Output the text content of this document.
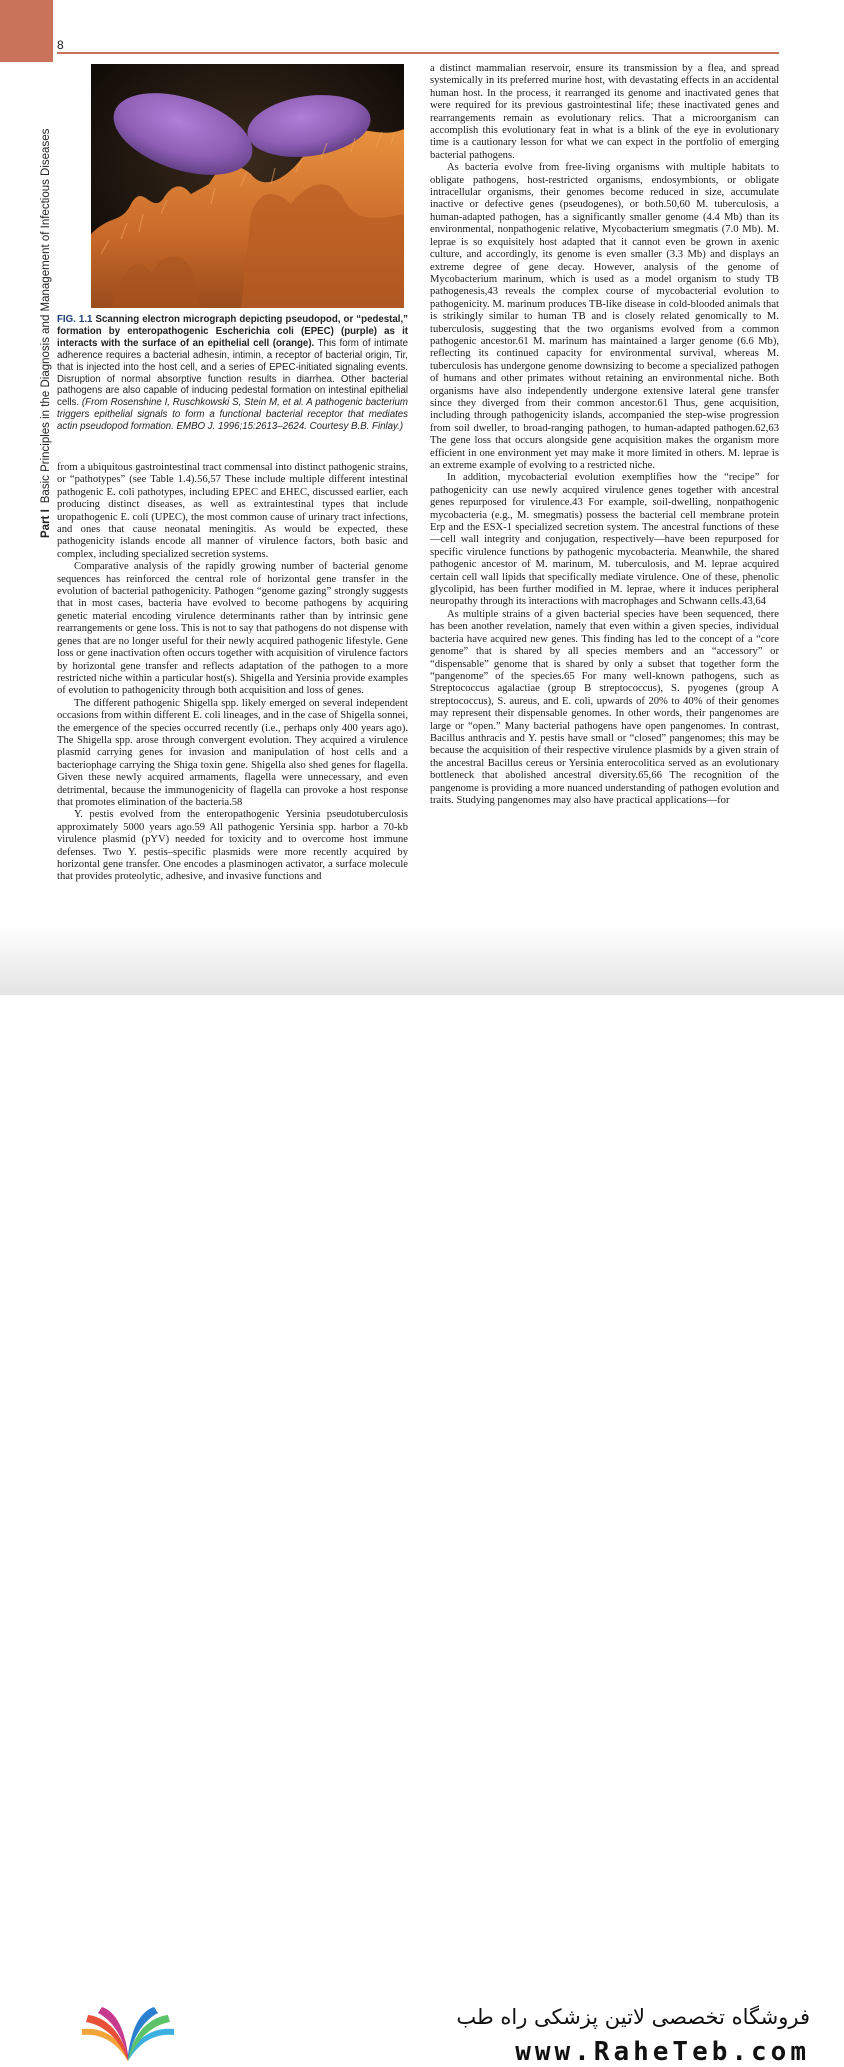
Part IBasic Principles in the Diagnosis and Management of Infectious Diseases
8
FIG. 1.1 Scanning electron micrograph depicting pseudopod, or “pedestal,” formation by enteropathogenic Escherichia coli (EPEC) (purple) as it interacts with the surface of an epithelial cell (orange). This form of intimate adherence requires a bacterial adhesin, intimin, a receptor of bacterial origin, Tir, that is injected into the host cell, and a series of EPEC-initiated signaling events. Disruption of normal absorptive function results in diarrhea. Other bacterial pathogens are also capable of inducing pedestal formation on intestinal epithelial cells. (From Rosenshine I, Ruschkowski S, Stein M, et al. A pathogenic bacterium triggers epithelial signals to form a functional bacterial receptor that mediates actin pseudopod formation. EMBO J. 1996;15:2613–2624. Courtesy B.B. Finlay.)

from a ubiquitous gastrointestinal tract commensal into distinct pathogenic strains, or “pathotypes” (see Table 1.4).56,57 These include multiple different intestinal pathogenic E. coli pathotypes, including EPEC and EHEC, discussed earlier, each producing distinct diseases, as well as extraintestinal types that include uropathogenic E. coli (UPEC), the most common cause of urinary tract infections, and ones that cause neonatal meningitis. As would be expected, these pathogenicity islands encode all manner of virulence factors, both basic and complex, including specialized secretion systems.

Comparative analysis of the rapidly growing number of bacterial genome sequences has reinforced the central role of horizontal gene transfer in the evolution of bacterial pathogenicity. Pathogen “genome gazing” strongly suggests that in most cases, bacteria have evolved to become pathogens by acquiring genetic material encoding virulence determinants rather than by intrinsic gene rearrangements or gene loss. This is not to say that pathogens do not dispense with genes that are no longer useful for their newly acquired pathogenic lifestyle. Gene loss or gene inactivation often occurs together with acquisition of virulence factors by horizontal gene transfer and reflects adaptation of the pathogen to a more restricted niche within a particular host(s). Shigella and Yersinia provide examples of evolution to pathogenicity through both acquisition and loss of genes.

The different pathogenic Shigella spp. likely emerged on several independent occasions from within different E. coli lineages, and in the case of Shigella sonnei, the emergence of the species occurred recently (i.e., perhaps only 400 years ago). The Shigella spp. arose through convergent evolution. They acquired a virulence plasmid carrying genes for invasion and manipulation of host cells and a bacteriophage carrying the Shiga toxin gene. Shigella also shed genes for flagella. Given these newly acquired armaments, flagella were unnecessary, and even detrimental, because the immunogenicity of flagella can provoke a host response that promotes elimination of the bacteria.58

Y. pestis evolved from the enteropathogenic Yersinia pseudotuberculosis approximately 5000 years ago.59 All pathogenic Yersinia spp. harbor a 70-kb virulence plasmid (pYV) needed for toxicity and to overcome host immune defenses. Two Y. pestis–specific plasmids were more recently acquired by horizontal gene transfer. One encodes a plasminogen activator, a surface molecule that provides proteolytic, adhesive, and invasive functions and

a distinct mammalian reservoir, ensure its transmission by a flea, and spread systemically in its preferred murine host, with devastating effects in an accidental human host. In the process, it rearranged its genome and inactivated genes that were required for its previous gastrointestinal life; these inactivated genes and rearrangements remain as evolutionary relics. That a microorganism can accomplish this evolutionary feat in what is a blink of the eye in evolutionary time is a cautionary lesson for what we can expect in the portfolio of emerging bacterial pathogens.

As bacteria evolve from free-living organisms with multiple habitats to obligate pathogens, host-restricted organisms, endosymbionts, or obligate intracellular organisms, their genomes become reduced in size, accumulate inactive or defective genes (pseudogenes), or both.50,60 M. tuberculosis, a human-adapted pathogen, has a significantly smaller genome (4.4 Mb) than its environmental, nonpathogenic relative, Mycobacterium smegmatis (7.0 Mb). M. leprae is so exquisitely host adapted that it cannot even be grown in axenic culture, and accordingly, its genome is even smaller (3.3 Mb) and displays an extreme degree of gene decay. However, analysis of the genome of Mycobacterium marinum, which is used as a model organism to study TB pathogenesis,43 reveals the complex course of mycobacterial evolution to pathogenicity. M. marinum produces TB-like disease in cold-blooded animals that is strikingly similar to human TB and is closely related genomically to M. tuberculosis, suggesting that the two organisms evolved from a common pathogenic ancestor.61 M. marinum has maintained a larger genome (6.6 Mb), reflecting its continued capacity for environmental survival, whereas M. tuberculosis has undergone genome downsizing to become a specialized pathogen of humans and other primates without retaining an environmental niche. Both organisms have also independently undergone extensive lateral gene transfer since they diverged from their common ancestor.61 Thus, gene acquisition, including through pathogenicity islands, accompanied the step-wise progression from soil dweller, to broad-ranging pathogen, to human-adapted pathogen.62,63 The gene loss that occurs alongside gene acquisition makes the organism more efficient in one environment yet may make it more limited in others. M. leprae is an extreme example of evolving to a restricted niche.

In addition, mycobacterial evolution exemplifies how the “recipe” for pathogenicity can use newly acquired virulence genes together with ancestral genes repurposed for virulence.43 For example, soil-dwelling, nonpathogenic mycobacteria (e.g., M. smegmatis) possess the bacterial cell membrane protein Erp and the ESX-1 specialized secretion system. The ancestral functions of these—cell wall integrity and conjugation, respectively—have been repurposed for specific virulence functions by pathogenic mycobacteria. Meanwhile, the shared pathogenic ancestor of M. marinum, M. tuberculosis, and M. leprae acquired certain cell wall lipids that specifically mediate virulence. One of these, phenolic glycolipid, has been further modified in M. leprae, where it induces peripheral neuropathy through its interactions with macrophages and Schwann cells.43,64

As multiple strains of a given bacterial species have been sequenced, there has been another revelation, namely that even within a given species, individual bacteria have acquired new genes. This finding has led to the concept of a “core genome” that is shared by all species members and an “accessory” or “dispensable” genome that is shared by only a subset that together form the “pangenome” of the species.65 For many well-known pathogens, such as Streptococcus agalactiae (group B streptococcus), S. pyogenes (group A streptococcus), S. aureus, and E. coli, upwards of 20% to 40% of their genomes may represent their dispensable genomes. In other words, their pangenomes are large or “open.” Many bacterial pathogens have open pangenomes. In contrast, Bacillus anthracis and Y. pestis have small or “closed” pangenomes; this may be because the acquisition of their respective virulence plasmids by a given strain of the ancestral Bacillus cereus or Yersinia enterocolitica served as an evolutionary bottleneck that abolished ancestral diversity.65,66 The recognition of the pangenome is providing a more nuanced understanding of pathogen evolution and traits. Studying pangenomes may also have practical applications—for

فروشگاه تخصصی لاتین پزشکی راه طب
www.RaheTeb.com
